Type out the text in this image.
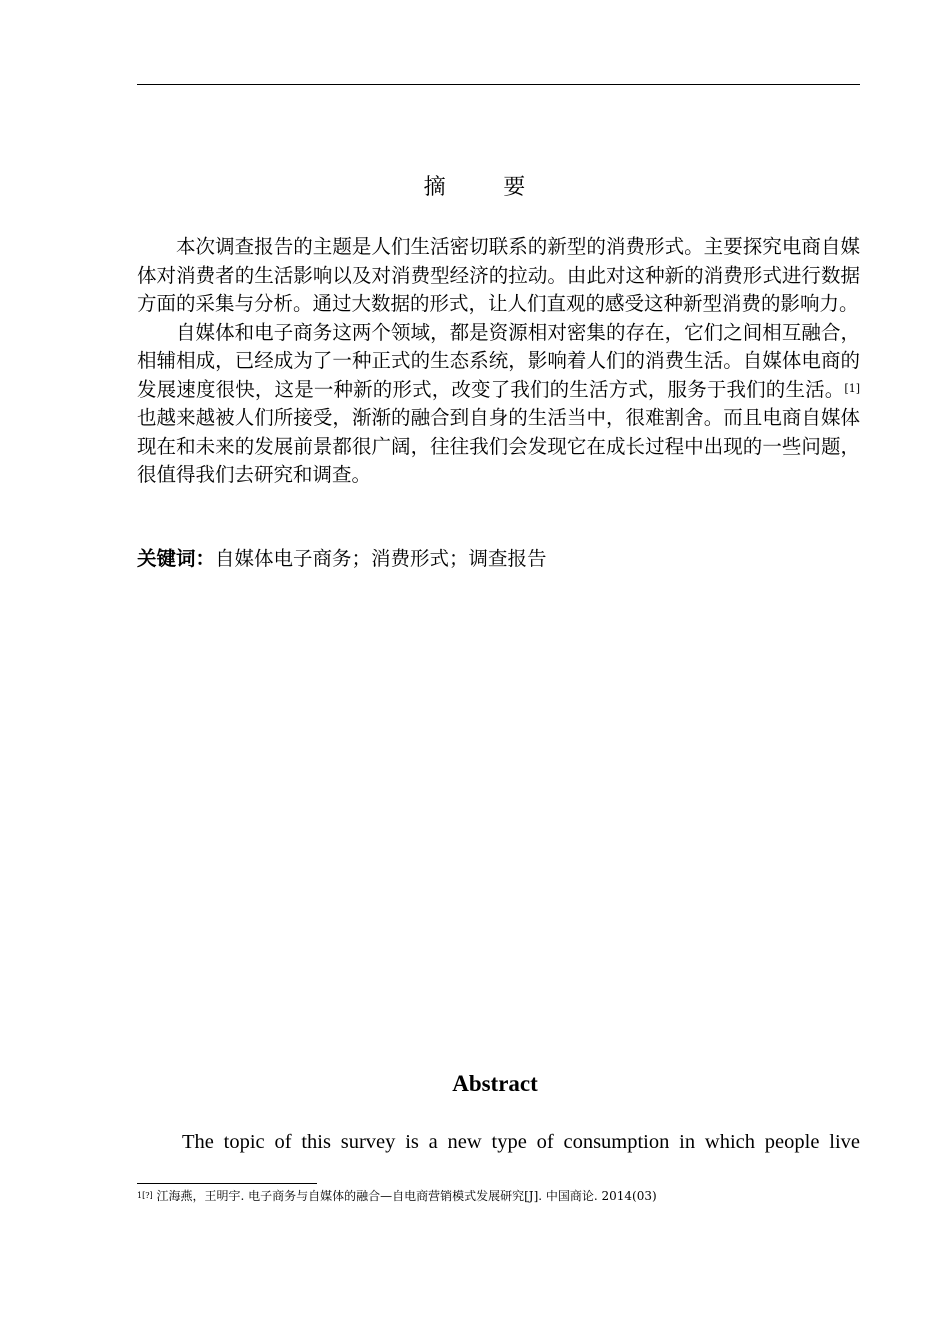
摘 要

本次调查报告的主题是人们生活密切联系的新型的消费形式。主要探究电商自媒体对消费者的生活影响以及对消费型经济的拉动。由此对这种新的消费形式进行数据方面的采集与分析。通过大数据的形式，让人们直观的感受这种新型消费的影响力。

自媒体和电子商务这两个领域，都是资源相对密集的存在，它们之间相互融合，相辅相成，已经成为了一种正式的生态系统，影响着人们的消费生活。自媒体电商的发展速度很快，这是一种新的形式，改变了我们的生活方式，服务于我们的生活。[1]也越来越被人们所接受，渐渐的融合到自身的生活当中，很难割舍。而且电商自媒体现在和未来的发展前景都很广阔，往往我们会发现它在成长过程中出现的一些问题，很值得我们去研究和调查。

关键词：自媒体电子商务；消费形式；调查报告
Abstract

The topic of this survey is a new type of consumption in which people live

$^{1[?]}$ 江海燕，王明宇. 电子商务与自媒体的融合—自电商营销模式发展研究[J]. 中国商论. 2014(03)
